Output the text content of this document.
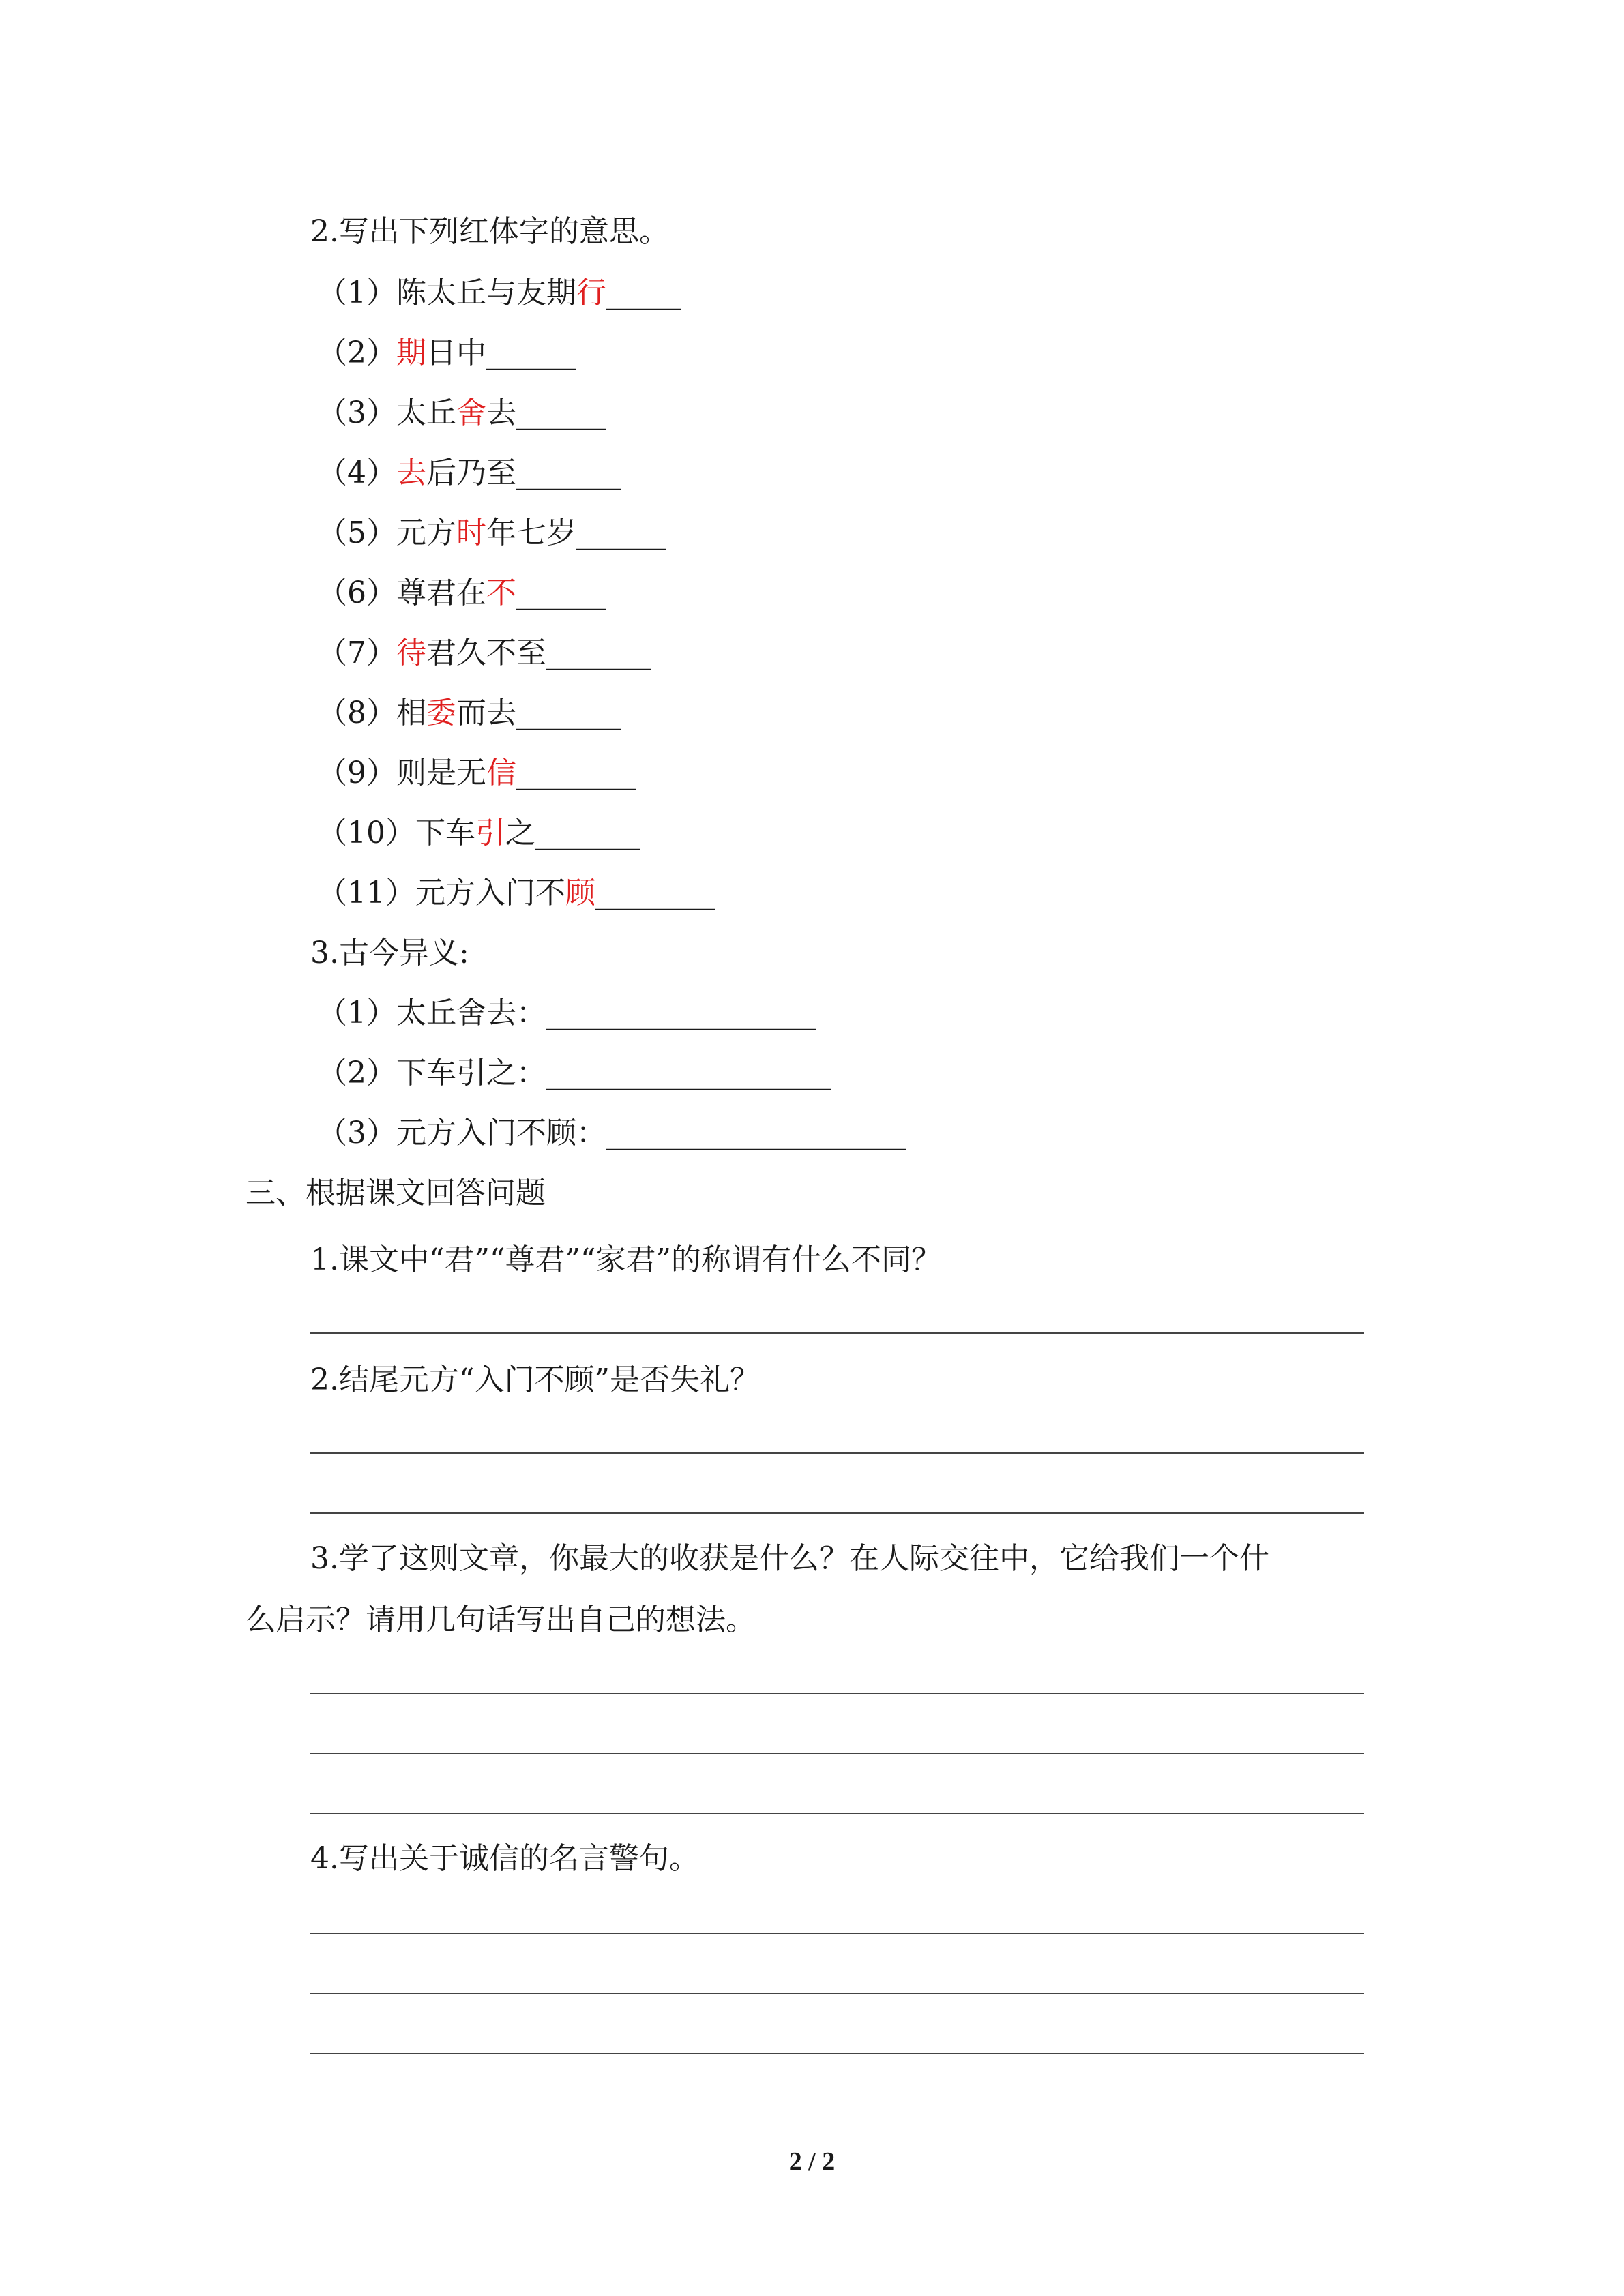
2.写出下列红体字的意思。
（1）陈太丘与友期行_____
（2）期日中______
（3）太丘舍去______
（4）去后乃至_______
（5）元方时年七岁______
（6）尊君在不______
（7）待君久不至_______
（8）相委而去_______
（9）则是无信________
（10）下车引之_______
（11）元方入门不顾________
3.古今异义:
（1）太丘舍去：__________________
（2）下车引之：___________________
（3）元方入门不顾：____________________
三、根据课文回答问题
1.课文中“君”“尊君”“家君”的称谓有什么不同？
2.结尾元方“入门不顾”是否失礼？
3.学了这则文章，你最大的收获是什么？在人际交往中，它给我们一个什
么启示？请用几句话写出自己的想法。
4.写出关于诚信的名言警句。
2 / 2
